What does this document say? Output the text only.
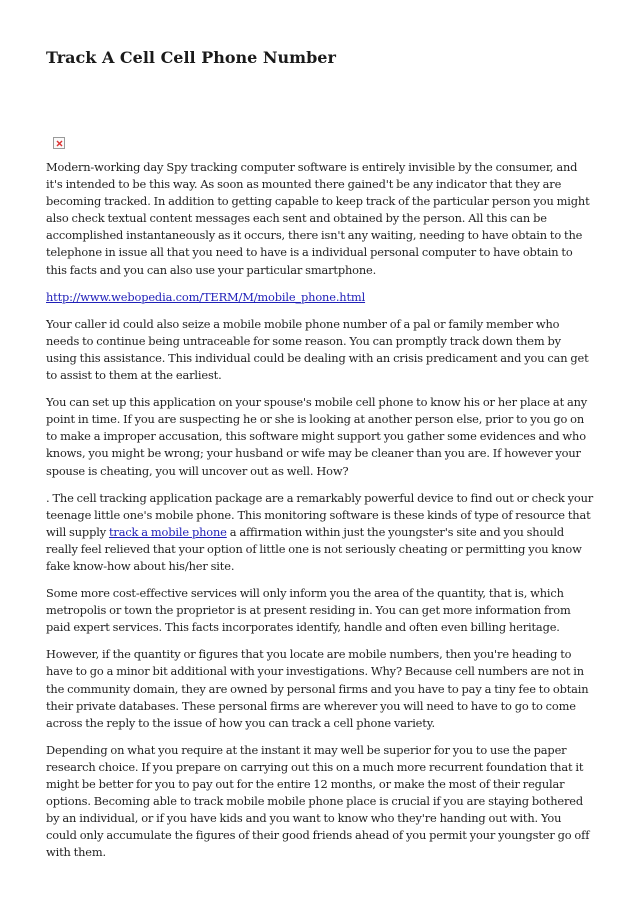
Track A Cell Cell Phone Number

Modern-working day Spy tracking computer software is entirely invisible by the consumer, and it's intended to be this way. As soon as mounted there gained't be any indicator that they are becoming tracked. In addition to getting capable to keep track of the particular person you might also check textual content messages each sent and obtained by the person. All this can be accomplished instantaneously as it occurs, there isn't any waiting, needing to have obtain to the telephone in issue all that you need to have is a individual personal computer to have obtain to this facts and you can also use your particular smartphone.

http://www.webopedia.com/TERM/M/mobile_phone.html

Your caller id could also seize a mobile mobile phone number of a pal or family member who needs to continue being untraceable for some reason. You can promptly track down them by using this assistance. This individual could be dealing with an crisis predicament and you can get to assist to them at the earliest.

You can set up this application on your spouse's mobile cell phone to know his or her place at any point in time. If you are suspecting he or she is looking at another person else, prior to you go on to make a improper accusation, this software might support you gather some evidences and who knows, you might be wrong; your husband or wife may be cleaner than you are. If however your spouse is cheating, you will uncover out as well. How?

. The cell tracking application package are a remarkably powerful device to find out or check your teenage little one's mobile phone. This monitoring software is these kinds of type of resource that will supply track a mobile phone a affirmation within just the youngster's site and you should really feel relieved that your option of little one is not seriously cheating or permitting you know fake know-how about his/her site.

Some more cost-effective services will only inform you the area of the quantity, that is, which metropolis or town the proprietor is at present residing in. You can get more information from paid expert services. This facts incorporates identify, handle and often even billing heritage.

However, if the quantity or figures that you locate are mobile numbers, then you're heading to have to go a minor bit additional with your investigations. Why? Because cell numbers are not in the community domain, they are owned by personal firms and you have to pay a tiny fee to obtain their private databases. These personal firms are wherever you will need to have to go to come across the reply to the issue of how you can track a cell phone variety.

Depending on what you require at the instant it may well be superior for you to use the paper research choice. If you prepare on carrying out this on a much more recurrent foundation that it might be better for you to pay out for the entire 12 months, or make the most of their regular options. Becoming able to track mobile mobile phone place is crucial if you are staying bothered by an individual, or if you have kids and you want to know who they're handing out with. You could only accumulate the figures of their good friends ahead of you permit your youngster go off with them.
